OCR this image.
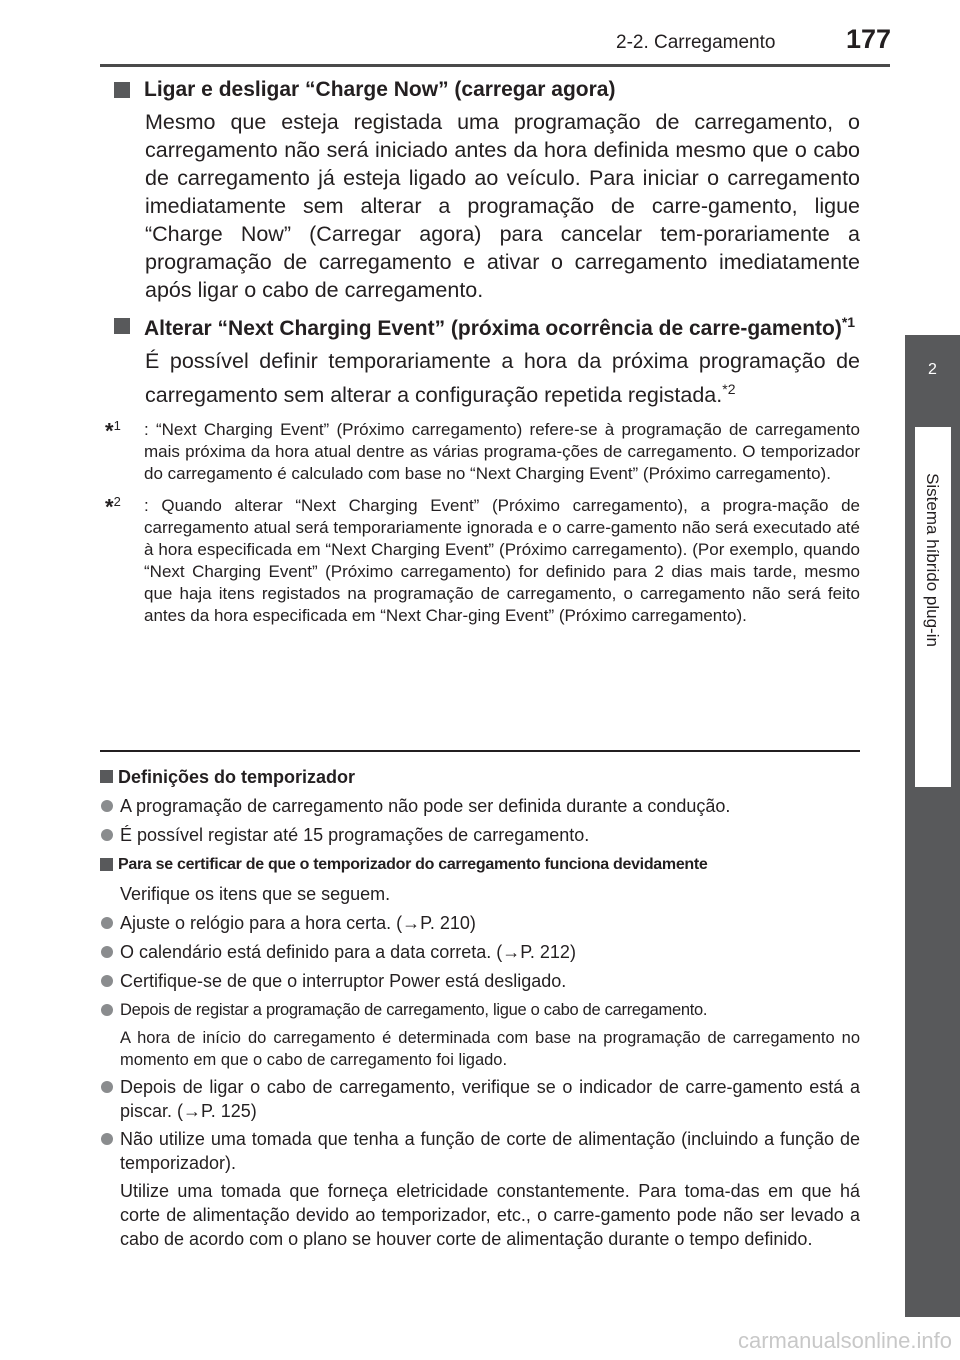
2-2. Carregamento	177
2
Sistema híbrido plug-in
Ligar e desligar “Charge Now” (carregar agora)
Mesmo que esteja registada uma programação de carregamento, o carregamento não será iniciado antes da hora definida mesmo que o cabo de carregamento já esteja ligado ao veículo. Para iniciar o carregamento imediatamente sem alterar a programação de carre-gamento, ligue “Charge Now” (Carregar agora) para cancelar tem-porariamente a programação de carregamento e ativar o carregamento imediatamente após ligar o cabo de carregamento.
Alterar “Next Charging Event” (próxima ocorrência de carre-gamento)$^{*1}$
É possível definir temporariamente a hora da próxima programação de carregamento sem alterar a configuração repetida registada.$^{*2}$
*$^1$ : “Next Charging Event” (Próximo carregamento) refere-se à programação de carregamento mais próxima da hora atual dentre as várias programa-ções de carregamento. O temporizador do carregamento é calculado com base no “Next Charging Event” (Próximo carregamento).
*$^2$ : Quando alterar “Next Charging Event” (Próximo carregamento), a progra-mação de carregamento atual será temporariamente ignorada e o carre-gamento não será executado até à hora especificada em “Next Charging Event” (Próximo carregamento). (Por exemplo, quando “Next Charging Event” (Próximo carregamento) for definido para 2 dias mais tarde, mesmo que haja itens registados na programação de carregamento, o carregamento não será feito antes da hora especificada em “Next Char-ging Event” (Próximo carregamento).
Definições do temporizador
A programação de carregamento não pode ser definida durante a condução.
É possível registar até 15 programações de carregamento.
Para se certificar de que o temporizador do carregamento funciona devidamente
Verifique os itens que se seguem.
Ajuste o relógio para a hora certa. (→P. 210)
O calendário está definido para a data correta. (→P. 212)
Certifique-se de que o interruptor Power está desligado.
Depois de registar a programação de carregamento, ligue o cabo de carregamento.
A hora de início do carregamento é determinada com base na programação de carregamento no momento em que o cabo de carregamento foi ligado.
Depois de ligar o cabo de carregamento, verifique se o indicador de carre-gamento está a piscar. (→P. 125)
Não utilize uma tomada que tenha a função de corte de alimentação (incluindo a função de temporizador).
Utilize uma tomada que forneça eletricidade constantemente. Para toma-das em que há corte de alimentação devido ao temporizador, etc., o carre-gamento pode não ser levado a cabo de acordo com o plano se houver corte de alimentação durante o tempo definido.
carmanualsonline.info
